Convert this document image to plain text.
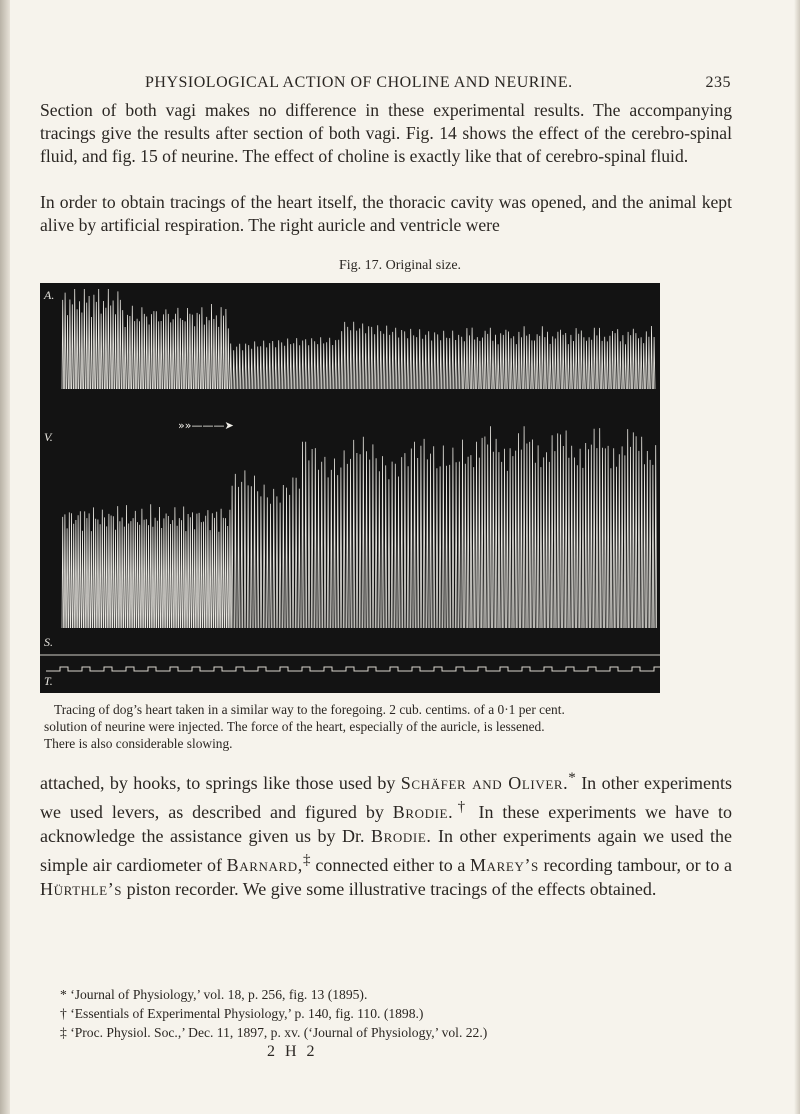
PHYSIOLOGICAL ACTION OF CHOLINE AND NEURINE.	235

Section of both vagi makes no difference in these experimental results. The accompanying tracings give the results after section of both vagi. Fig. 14 shows the effect of the cerebro-spinal fluid, and fig. 15 of neurine. The effect of choline is exactly like that of cerebro-spinal fluid.

In order to obtain tracings of the heart itself, the thoracic cavity was opened, and the animal kept alive by artificial respiration. The right auricle and ventricle were

Fig. 17. Original size.
A.
V.
S.
T.
»»———➤
Tracing of dog’s heart taken in a similar way to the foregoing. 2 cub. centims. of a 0·1 per cent.
solution of neurine were injected. The force of the heart, especially of the auricle, is lessened.
There is also considerable slowing.

attached, by hooks, to springs like those used by Schäfer and Oliver.* In other experiments we used levers, as described and figured by Brodie.† In these experiments we have to acknowledge the assistance given us by Dr. Brodie. In other experiments again we used the simple air cardiometer of Barnard,‡ connected either to a Marey’s recording tambour, or to a Hürthle’s piston recorder. We give some illustrative tracings of the effects obtained.

* ‘Journal of Physiology,’ vol. 18, p. 256, fig. 13 (1895).
† ‘Essentials of Experimental Physiology,’ p. 140, fig. 110. (1898.)
‡ ‘Proc. Physiol. Soc.,’ Dec. 11, 1897, p. xv. (‘Journal of Physiology,’ vol. 22.)
2 H 2
